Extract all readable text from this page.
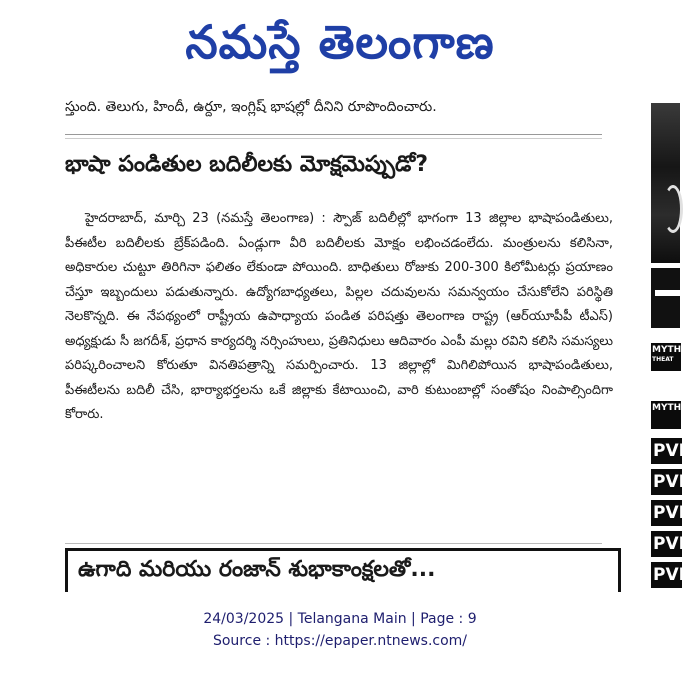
నమస్తే తెలంగాణ
స్తుంది. తెలుగు, హిందీ, ఉర్దూ, ఇంగ్లిష్ భాషల్లో దీనిని రూపొందించారు.
భాషా పండితుల బదిలీలకు మోక్షమెప్పుడో?

హైదరాబాద్, మార్చి 23 (నమస్తే తెలంగాణ) : స్పౌజ్ బదిలీల్లో భాగంగా 13 జిల్లాల భాషాపండితులు, పీఈటీల బదిలీలకు బ్రేక్‌పడింది. ఏండ్లుగా వీరి బదిలీలకు మోక్షం లభించడంలేదు. మంత్రులను కలిసినా, అధికారుల చుట్టూ తిరిగినా ఫలితం లేకుండా పోయింది. బాధితులు రోజుకు 200-300 కిలోమీటర్లు ప్రయాణం చేస్తూ ఇబ్బందులు పడుతున్నారు. ఉద్యోగబాధ్యతలు, పిల్లల చదువులను సమన్వయం చేసుకోలేని పరిస్థితి నెలకొన్నది. ఈ నేపథ్యంలో రాష్ట్రీయ ఉపాధ్యాయ పండిత పరిషత్తు తెలంగాణ రాష్ట్ర (ఆర్‌యూపీపీ టీఎస్) అధ్యక్షుడు సీ జగదీశ్, ప్రధాన కార్యదర్శి నర్సింహులు, ప్రతినిధులు ఆదివారం ఎంపీ మల్లు రవిని కలిసి సమస్యలు పరిష్కరించాలని కోరుతూ వినతిపత్రాన్ని సమర్పించారు. 13 జిల్లాల్లో మిగిలిపోయిన భాషాపండితులు, పీఈటీలను బదిలీ చేసి, భార్యాభర్తలను ఒకే జిల్లాకు కేటాయించి, వారి కుటుంబాల్లో సంతోషం నింపాల్సిందిగా కోరారు.

ఉగాది మరియు రంజాన్ శుభాకాంక్షలతో...
MYTH
THEAT
MYTHI
PVI
PVI
PVI
PVI
PVI
24/03/2025 | Telangana Main | Page : 9
Source : https://epaper.ntnews.com/
